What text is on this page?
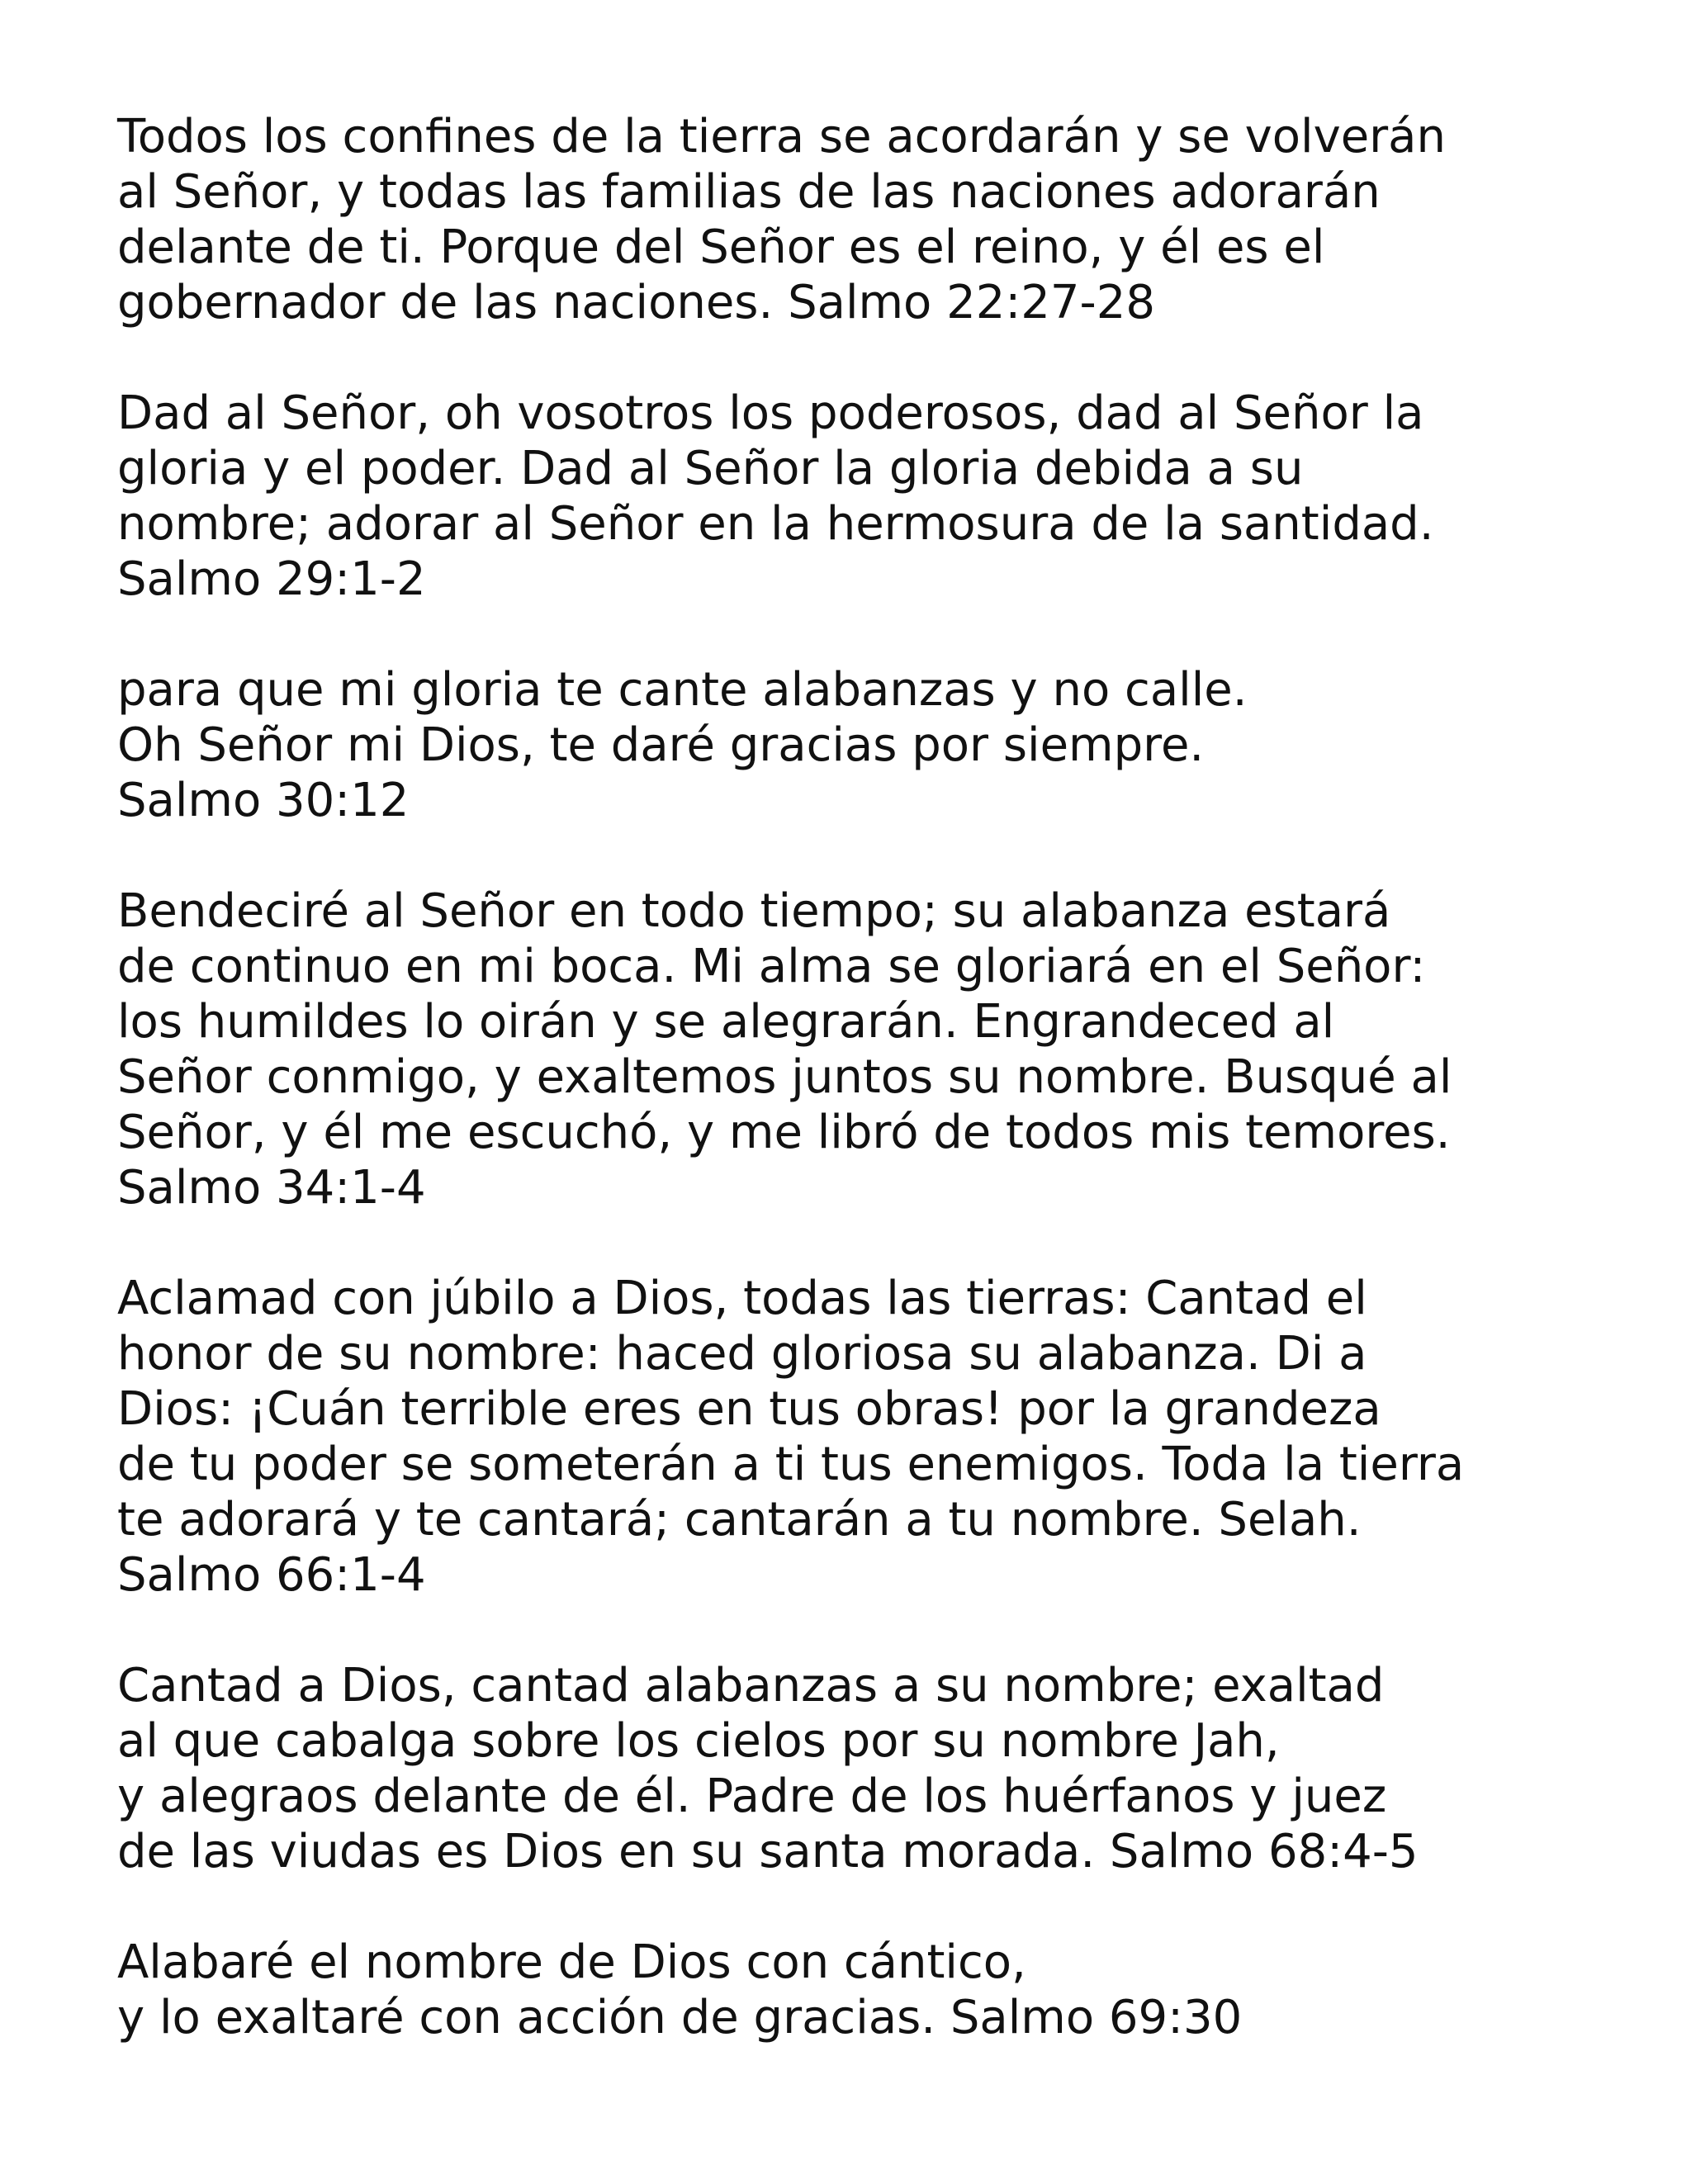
Todos los confines de la tierra se acordarán y se volverán
al Señor, y todas las familias de las naciones adorarán
delante de ti. Porque del Señor es el reino, y él es el
gobernador de las naciones. Salmo 22:27-28

Dad al Señor, oh vosotros los poderosos, dad al Señor la
gloria y el poder. Dad al Señor la gloria debida a su
nombre; adorar al Señor en la hermosura de la santidad.
Salmo 29:1-2

para que mi gloria te cante alabanzas y no calle.
Oh Señor mi Dios, te daré gracias por siempre.
Salmo 30:12

Bendeciré al Señor en todo tiempo; su alabanza estará
de continuo en mi boca. Mi alma se gloriará en el Señor:
los humildes lo oirán y se alegrarán. Engrandeced al
Señor conmigo, y exaltemos juntos su nombre. Busqué al
Señor, y él me escuchó, y me libró de todos mis temores.
Salmo 34:1-4

Aclamad con júbilo a Dios, todas las tierras: Cantad el
honor de su nombre: haced gloriosa su alabanza. Di a
Dios: ¡Cuán terrible eres en tus obras! por la grandeza
de tu poder se someterán a ti tus enemigos. Toda la tierra
te adorará y te cantará; cantarán a tu nombre. Selah.
Salmo 66:1-4

Cantad a Dios, cantad alabanzas a su nombre; exaltad
al que cabalga sobre los cielos por su nombre Jah,
y alegraos delante de él. Padre de los huérfanos y juez
de las viudas es Dios en su santa morada. Salmo 68:4-5

Alabaré el nombre de Dios con cántico,
y lo exaltaré con acción de gracias. Salmo 69:30
